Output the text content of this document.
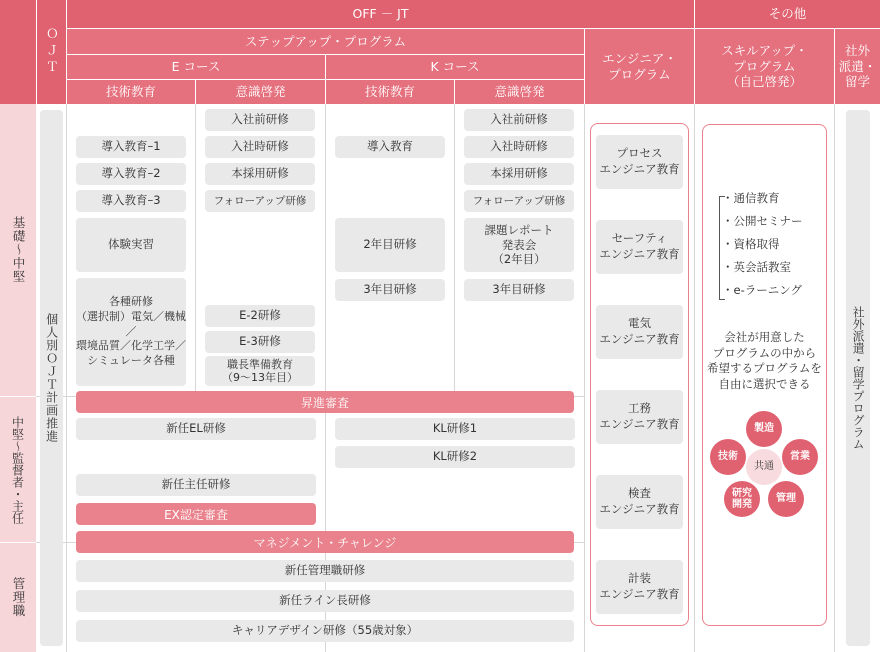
基礎～中堅
中堅～監督者・主任
管理職
ＯＪＴ
OFF － JT	その他
ステップアップ・プログラム
E コース	K コース
技術教育	意識啓発	技術教育	意識啓発
エンジニア・
プログラム
スキルアップ・
プログラム
（自己啓発）
社外
派遣・
留学
個人別ＯＪＴ計画推進
導入教育–1
導入教育–2
導入教育–3
体験実習
各種研修
（選択制）電気／機械／
環境品質／化学工学／
シミュレータ各種
入社前研修
入社時研修
本採用研修
フォローアップ研修
E-2研修
E-3研修
職長準備教育
（9～13年目）
導入教育
2年目研修
3年目研修
入社前研修
入社時研修
本採用研修
フォローアップ研修
課題レポート
発表会
（2年目）
3年目研修
昇進審査
新任EL研修	KL研修1
KL研修2
新任主任研修
EX認定審査
マネジメント・チャレンジ
新任管理職研修
新任ライン長研修
キャリアデザイン研修（55歳対象）
プロセス
エンジニア教育
セーフティ
エンジニア教育
電気
エンジニア教育
工務
エンジニア教育
検査
エンジニア教育
計装
エンジニア教育
・通信教育
・公開セミナー
・資格取得
・英会話教室
・e-ラーニング
会社が用意した
プログラムの中から
希望するプログラムを
自由に選択できる
共通
製造
技術	営業
研究
開発
管理
社外派遣・留学プログラム
